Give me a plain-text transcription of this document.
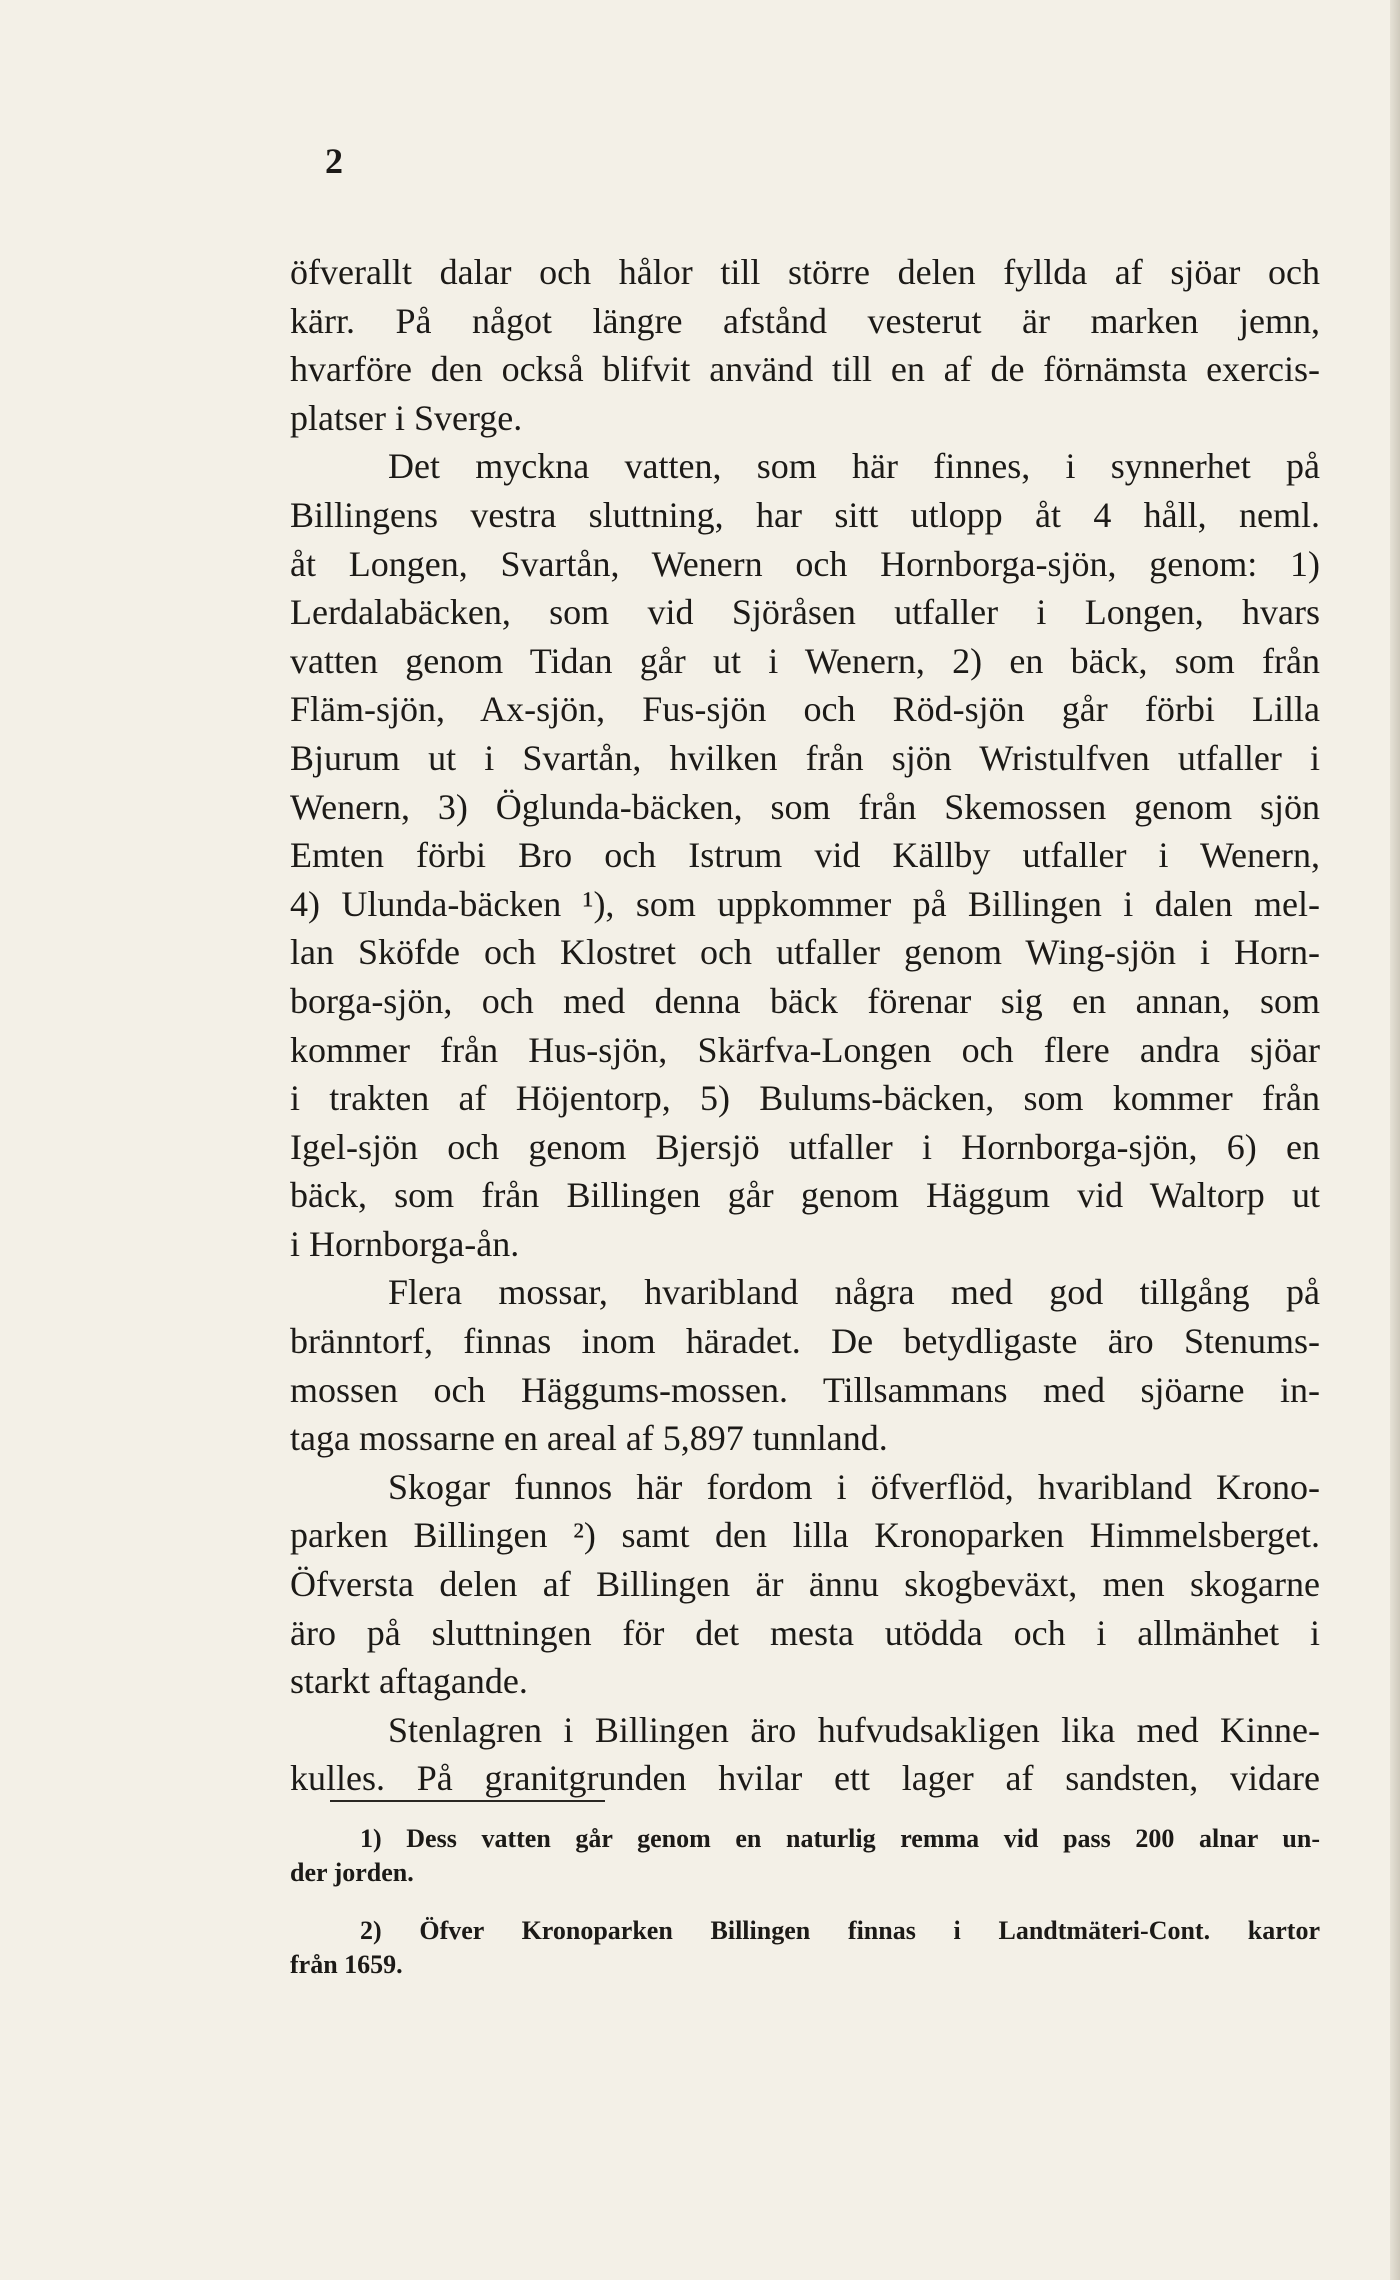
2

öfverallt dalar och hålor till större delen fyllda af sjöar och
kärr. På något längre afstånd vesterut är marken jemn,
hvarföre den också blifvit använd till en af de förnämsta exercis-
platser i Sverge.
Det myckna vatten, som här finnes, i synnerhet på
Billingens vestra sluttning, har sitt utlopp åt 4 håll, neml.
åt Longen, Svartån, Wenern och Hornborga-sjön, genom: 1)
Lerdalabäcken, som vid Sjöråsen utfaller i Longen, hvars
vatten genom Tidan går ut i Wenern, 2) en bäck, som från
Fläm-sjön, Ax-sjön, Fus-sjön och Röd-sjön går förbi Lilla
Bjurum ut i Svartån, hvilken från sjön Wristulfven utfaller i
Wenern, 3) Öglunda-bäcken, som från Skemossen genom sjön
Emten förbi Bro och Istrum vid Källby utfaller i Wenern,
4) Ulunda-bäcken ¹), som uppkommer på Billingen i dalen mel-
lan Sköfde och Klostret och utfaller genom Wing-sjön i Horn-
borga-sjön, och med denna bäck förenar sig en annan, som
kommer från Hus-sjön, Skärfva-Longen och flere andra sjöar
i trakten af Höjentorp, 5) Bulums-bäcken, som kommer från
Igel-sjön och genom Bjersjö utfaller i Hornborga-sjön, 6) en
bäck, som från Billingen går genom Häggum vid Waltorp ut
i Hornborga-ån.
Flera mossar, hvaribland några med god tillgång på
bränntorf, finnas inom häradet. De betydligaste äro Stenums-
mossen och Häggums-mossen. Tillsammans med sjöarne in-
taga mossarne en areal af 5,897 tunnland.
Skogar funnos här fordom i öfverflöd, hvaribland Krono-
parken Billingen ²) samt den lilla Kronoparken Himmelsberget.
Öfversta delen af Billingen är ännu skogbeväxt, men skogarne
äro på sluttningen för det mesta utödda och i allmänhet i
starkt aftagande.
Stenlagren i Billingen äro hufvudsakligen lika med Kinne-
kulles. På granitgrunden hvilar ett lager af sandsten, vidare
1) Dess vatten går genom en naturlig remma vid pass 200 alnar un-
der jorden.
2) Öfver Kronoparken Billingen finnas i Landtmäteri-Cont. kartor
från 1659.
